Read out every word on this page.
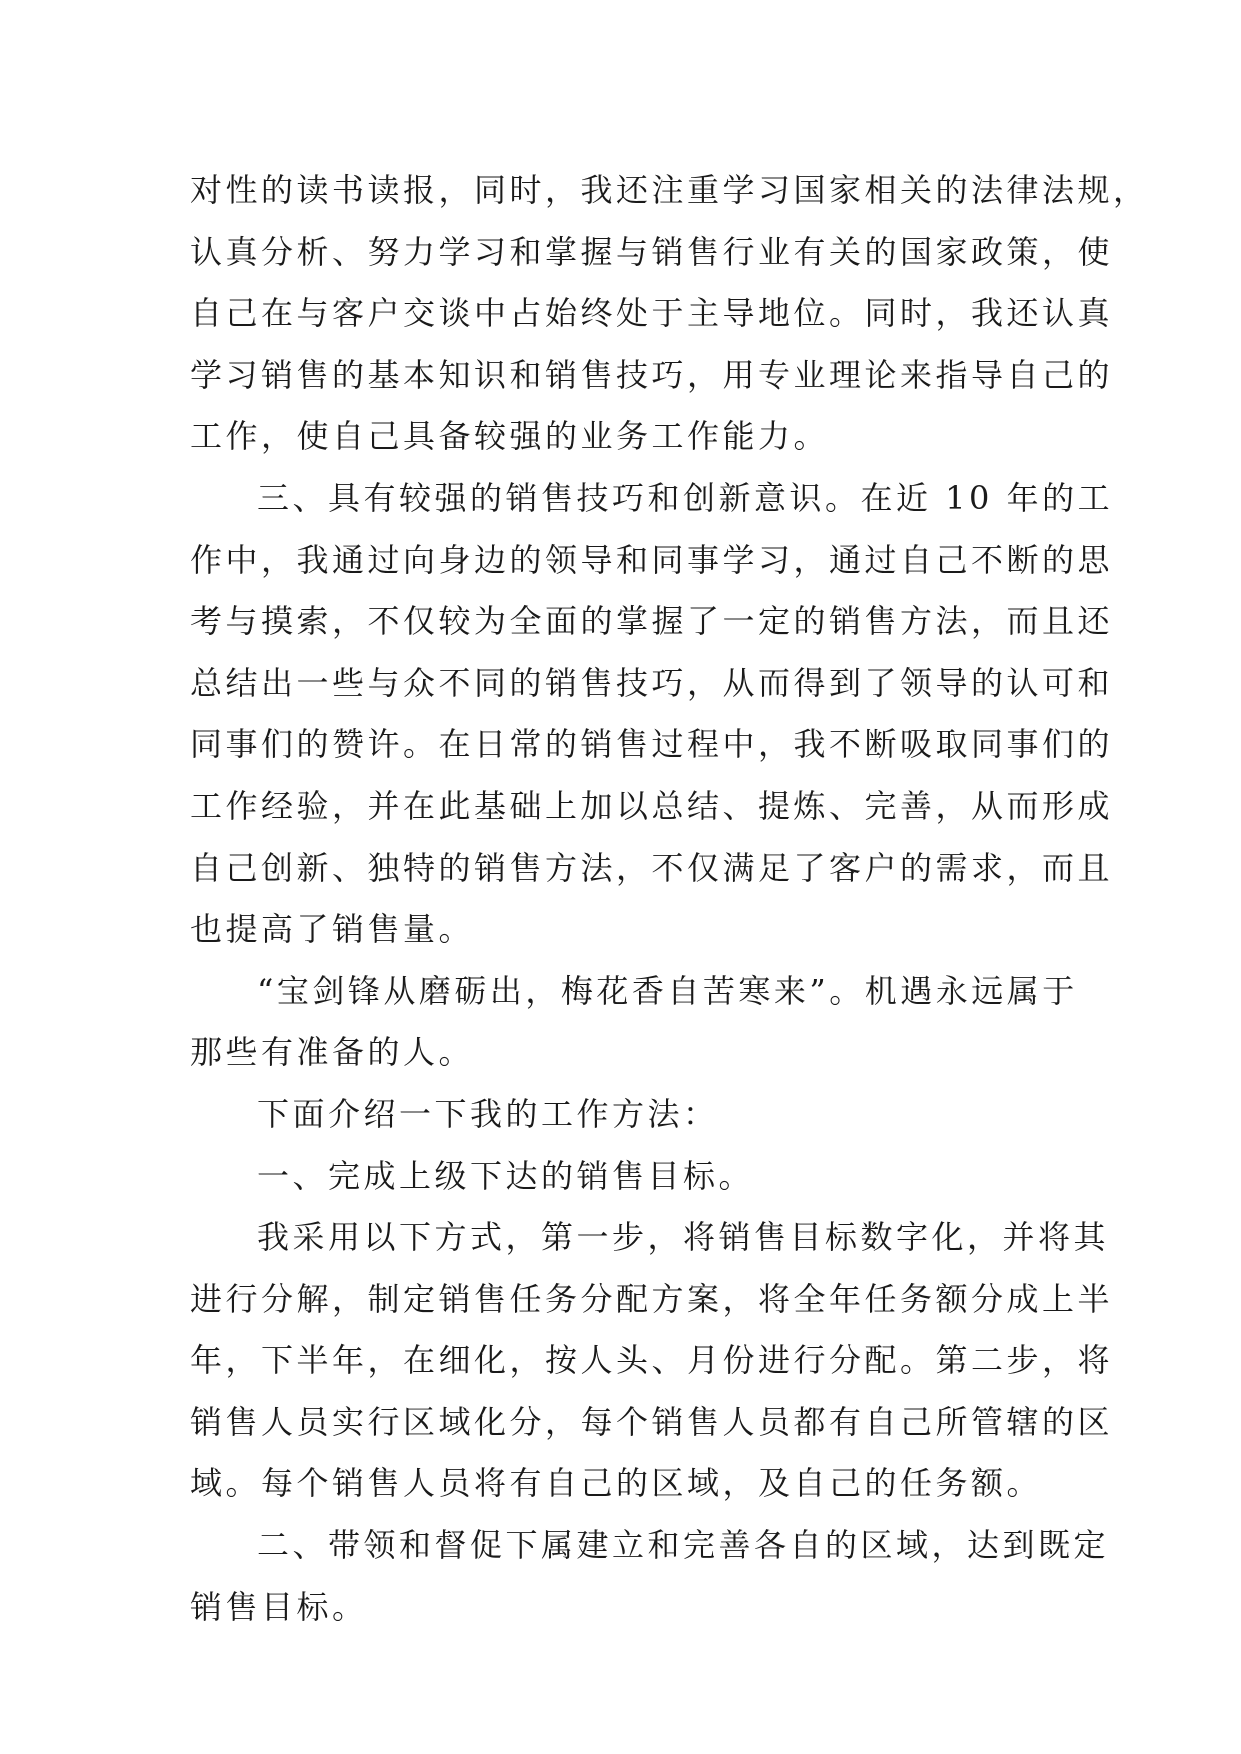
对性的读书读报，同时，我还注重学习国家相关的法律法规，
认真分析、努力学习和掌握与销售行业有关的国家政策，使
自己在与客户交谈中占始终处于主导地位。同时，我还认真
学习销售的基本知识和销售技巧，用专业理论来指导自己的
工作，使自己具备较强的业务工作能力。
三、具有较强的销售技巧和创新意识。在近 10 年的工
作中，我通过向身边的领导和同事学习，通过自己不断的思
考与摸索，不仅较为全面的掌握了一定的销售方法，而且还
总结出一些与众不同的销售技巧，从而得到了领导的认可和
同事们的赞许。在日常的销售过程中，我不断吸取同事们的
工作经验，并在此基础上加以总结、提炼、完善，从而形成
自己创新、独特的销售方法，不仅满足了客户的需求，而且
也提高了销售量。
“宝剑锋从磨砺出，梅花香自苦寒来”。机遇永远属于
那些有准备的人。
下面介绍一下我的工作方法：
一、完成上级下达的销售目标。
我采用以下方式，第一步，将销售目标数字化，并将其
进行分解，制定销售任务分配方案，将全年任务额分成上半
年，下半年，在细化，按人头、月份进行分配。第二步，将
销售人员实行区域化分，每个销售人员都有自己所管辖的区
域。每个销售人员将有自己的区域，及自己的任务额。
二、带领和督促下属建立和完善各自的区域，达到既定
销售目标。
